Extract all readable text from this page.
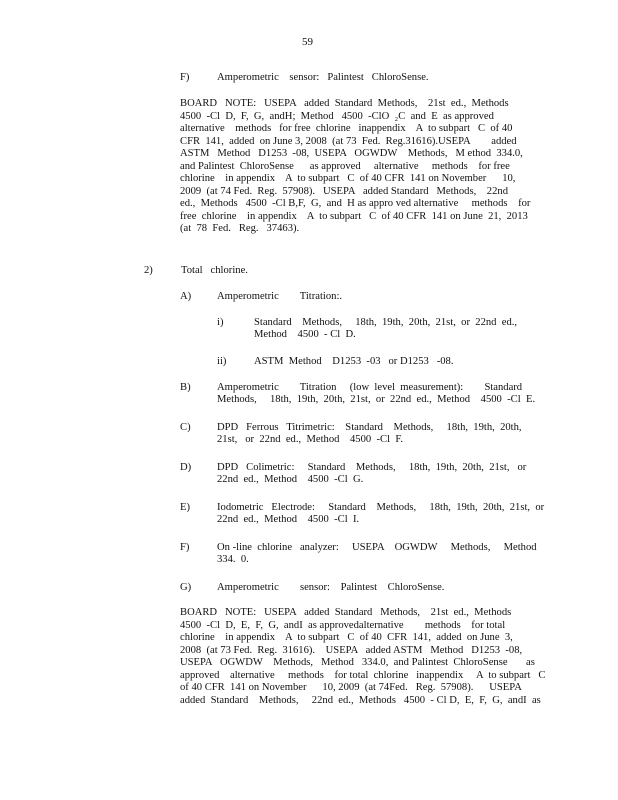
59
F)	Amperometric    sensor:   Palintest   ChloroSense.
BOARD   NOTE:   USEPA   added  Standard  Methods,    21st  ed.,  Methods
4500  -Cl  D,  F,  G,  andH;  Method   4500  -ClO  ₂C  and  E  as approved
alternative    methods   for free  chlorine   inappendix    A  to subpart   C  of 40
CFR  141,  added  on June 3, 2008  (at 73  Fed.  Reg.31616).USEPA        added
ASTM   Method   D1253  -08,  USEPA   OGWDW    Methods,   M ethod  334.0,
and Palintest  ChloroSense      as approved     alternative     methods    for free
chlorine    in appendix    A  to subpart   C  of 40 CFR  141 on November      10,
2009  (at 74 Fed.  Reg.  57908).   USEPA   added Standard   Methods,    22nd
ed.,  Methods   4500  -Cl B,F,  G,  and  H as appro ved alternative     methods    for
free  chlorine    in appendix    A  to subpart   C  of 40 CFR  141 on June  21,  2013
(at  78  Fed.   Reg.   37463).
2)	Total   chlorine.
A)	Amperometric        Titration:.
i)	Standard    Methods,     18th,  19th,  20th,  21st,  or  22nd  ed.,
Method    4500  - Cl  D.
ii)	ASTM  Method    D1253  -03   or D1253   -08.
B)	Amperometric        Titration     (low  level  measurement):        Standard
Methods,     18th,  19th,  20th,  21st,  or  22nd  ed.,  Method    4500  -Cl  E.
C)	DPD   Ferrous   Titrimetric:    Standard    Methods,     18th,  19th,  20th,
21st,   or  22nd  ed.,  Method    4500  -Cl  F.
D)	DPD   Colimetric:     Standard    Methods,     18th,  19th,  20th,  21st,   or
22nd  ed.,  Method    4500  -Cl  G.
E)	Iodometric   Electrode:     Standard    Methods,     18th,  19th,  20th,  21st,  or
22nd  ed.,  Method    4500  -Cl  I.
F)	On -line  chlorine   analyzer:     USEPA    OGWDW     Methods,     Method
334.  0.
G)	Amperometric        sensor:    Palintest    ChloroSense.
BOARD   NOTE:   USEPA   added  Standard   Methods,    21st  ed.,  Methods
4500  -Cl  D,  E,  F,  G,  andI  as approvedalternative        methods    for total
chlorine    in appendix    A  to subpart   C  of 40  CFR  141,  added  on June  3,
2008  (at 73 Fed.  Reg.  31616).    USEPA   added ASTM   Method   D1253  -08,
USEPA   OGWDW    Methods,   Method   334.0,  and Palintest  ChloroSense       as
approved    alternative     methods    for total  chlorine   inappendix     A  to subpart   C
of 40 CFR  141 on November      10, 2009  (at 74Fed.   Reg.  57908).      USEPA
added  Standard    Methods,     22nd  ed.,  Methods   4500  - Cl D,  E,  F,  G,  andI  as
